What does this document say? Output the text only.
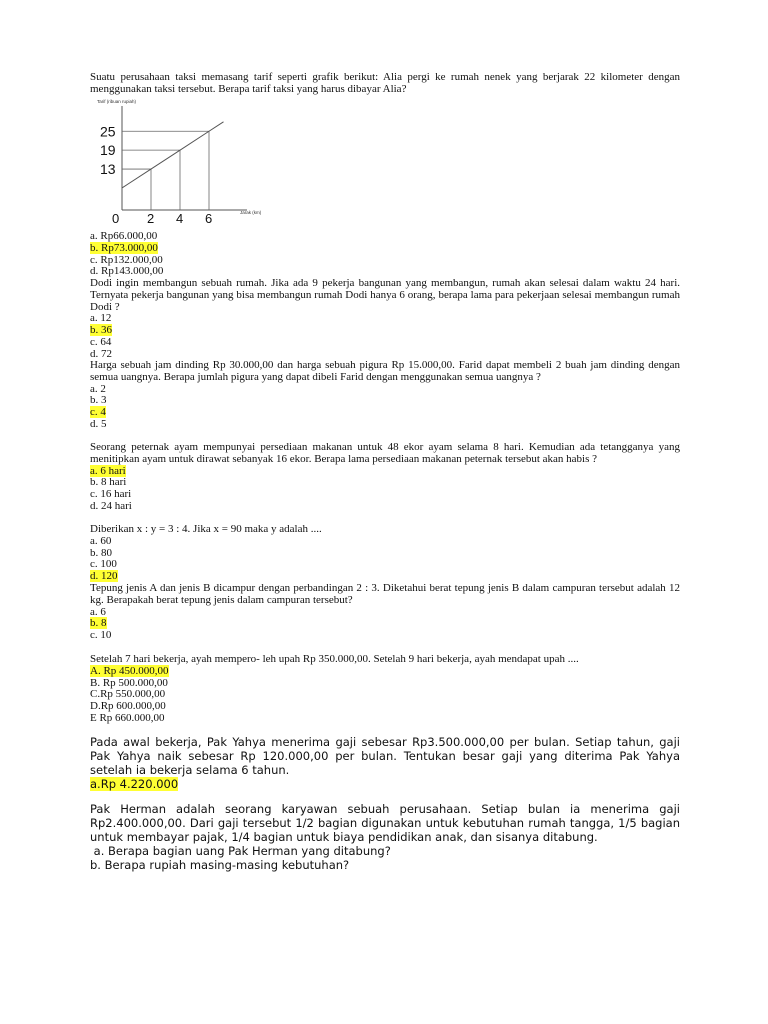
Suatu perusahaan taksi memasang tarif seperti grafik berikut: Alia pergi ke rumah nenek yang berjarak 22 kilometer dengan menggunakan taksi tersebut. Berapa tarif taksi yang harus dibayar Alia?

Tarif (ribuan rupiah)
Jarak (km)
13
19
25
2 4 6
0

a. Rp66.000,00

b. Rp73.000,00

c. Rp132.000,00

d. Rp143.000,00

Dodi ingin membangun sebuah rumah. Jika ada 9 pekerja bangunan yang membangun, rumah akan selesai dalam waktu 24 hari. Ternyata pekerja bangunan yang bisa membangun rumah Dodi hanya 6 orang, berapa lama para pekerjaan selesai membangun rumah Dodi ?

a. 12

b. 36

c. 64

d. 72

Harga sebuah jam dinding Rp 30.000,00 dan harga sebuah pigura Rp 15.000,00. Farid dapat membeli 2 buah jam dinding dengan semua uangnya. Berapa jumlah pigura yang dapat dibeli Farid dengan menggunakan semua uangnya ?

a. 2

b. 3

c. 4

d. 5

Seorang peternak ayam mempunyai persediaan makanan untuk 48 ekor ayam selama 8 hari. Kemudian ada tetangganya yang menitipkan ayam untuk dirawat sebanyak 16 ekor. Berapa lama persediaan makanan peternak tersebut akan habis ?

a. 6 hari

b. 8 hari

c. 16 hari

d. 24 hari

Diberikan x : y = 3 : 4. Jika x = 90 maka y adalah ....

a. 60

b. 80

c. 100

d. 120

Tepung jenis A dan jenis B dicampur dengan perbandingan 2 : 3. Diketahui berat tepung jenis B dalam campuran tersebut adalah 12 kg. Berapakah berat tepung jenis dalam campuran tersebut?

a. 6

b. 8

c. 10

Setelah 7 hari bekerja, ayah mempero- leh upah Rp 350.000,00. Setelah 9 hari bekerja, ayah mendapat upah ....

A. Rp 450.000,00

B. Rp 500.000,00

C.Rp 550.000,00

D.Rp 600.000,00

E Rp 660.000,00

Pada awal bekerja, Pak Yahya menerima gaji sebesar Rp3.500.000,00 per bulan. Setiap tahun, gaji Pak Yahya naik sebesar Rp 120.000,00 per bulan. Tentukan besar gaji yang diterima Pak Yahya setelah ia bekerja selama 6 tahun.

a.Rp 4.220.000

Pak Herman adalah seorang karyawan sebuah perusahaan. Setiap bulan ia menerima gaji Rp2.400.000,00. Dari gaji tersebut 1/2 bagian digunakan untuk kebutuhan rumah tangga, 1/5 bagian untuk membayar pajak, 1/4 bagian untuk biaya pendidikan anak, dan sisanya ditabung.

a. Berapa bagian uang Pak Herman yang ditabung?

b. Berapa rupiah masing-masing kebutuhan?
